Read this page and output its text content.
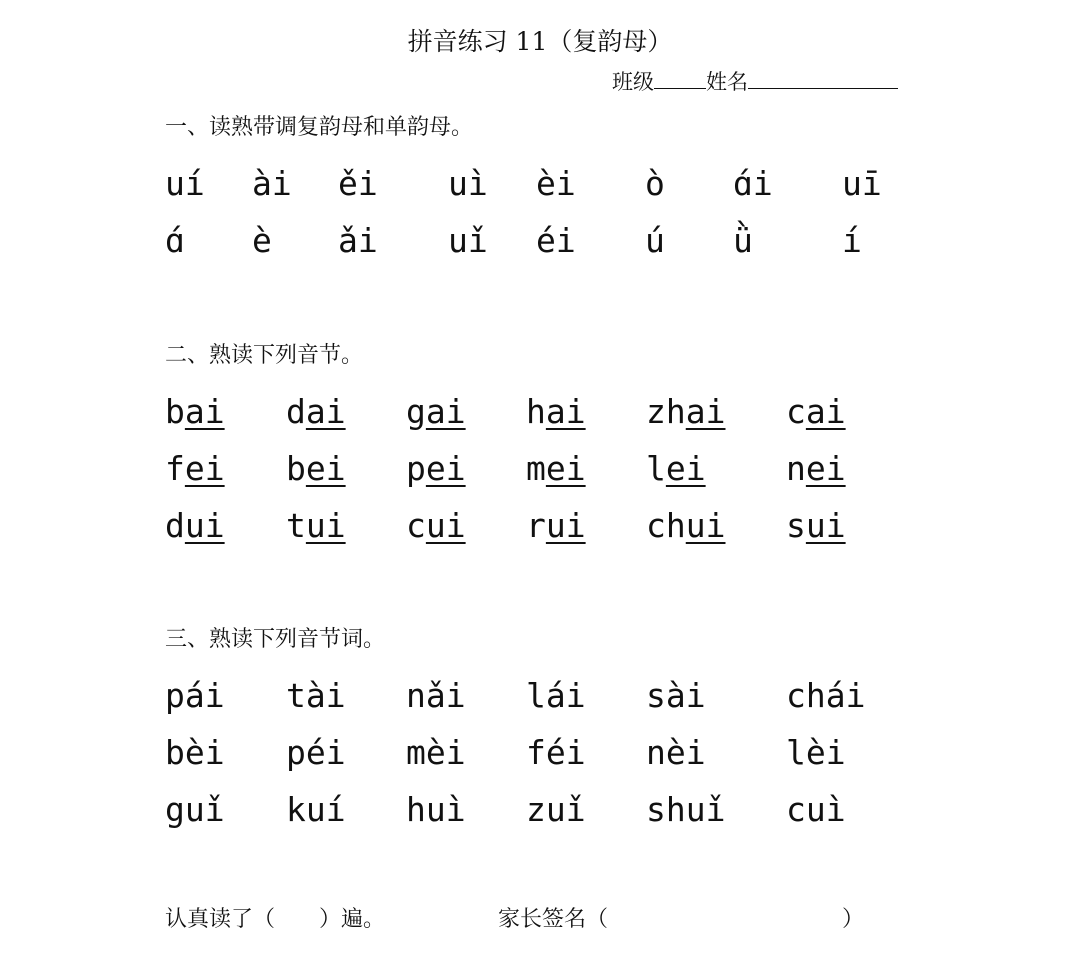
拼音练习 11（复韵母）
班级 姓名
一、读熟带调复韵母和单韵母。
uí ài ěi uì èi ò ɑ́i uī
ɑ́ è ǎi uǐ éi ú ǜ	í
二、熟读下列音节。
bai dai gai hai zhai cai
fei bei pei mei lei nei
dui tui cui rui chui sui
三、熟读下列音节词。
pái tài nǎi lái sài chái
bèi péi mèi féi nèi lèi
guǐ kuí huì zuǐ shuǐ cuì
认真读了（　　）遍。	家长签名（	）
